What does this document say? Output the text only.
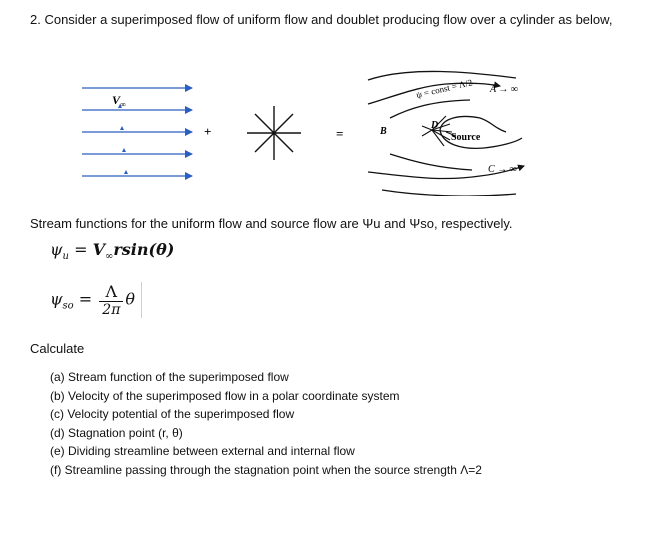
2. Consider a superimposed flow of uniform flow and doublet producing flow over a cylinder as below,
$V_\infty$
+	=
ψ = const = Λ/2 A → ∞
B
D
Source
C → ∞
Stream functions for the uniform flow and source flow are Ψu and Ψso, respectively.
$\psi_u = V_\infty rsin(\theta)$
$\psi_{so} = \frac{\Lambda}{2\pi}$ θ
Calculate
(a) Stream function of the superimposed flow
(b) Velocity of the superimposed flow in a polar coordinate system
(c) Velocity potential of the superimposed flow
(d) Stagnation point (r, θ)
(e) Dividing streamline between external and internal flow
(f) Streamline passing through the stagnation point when the source strength Λ=2
